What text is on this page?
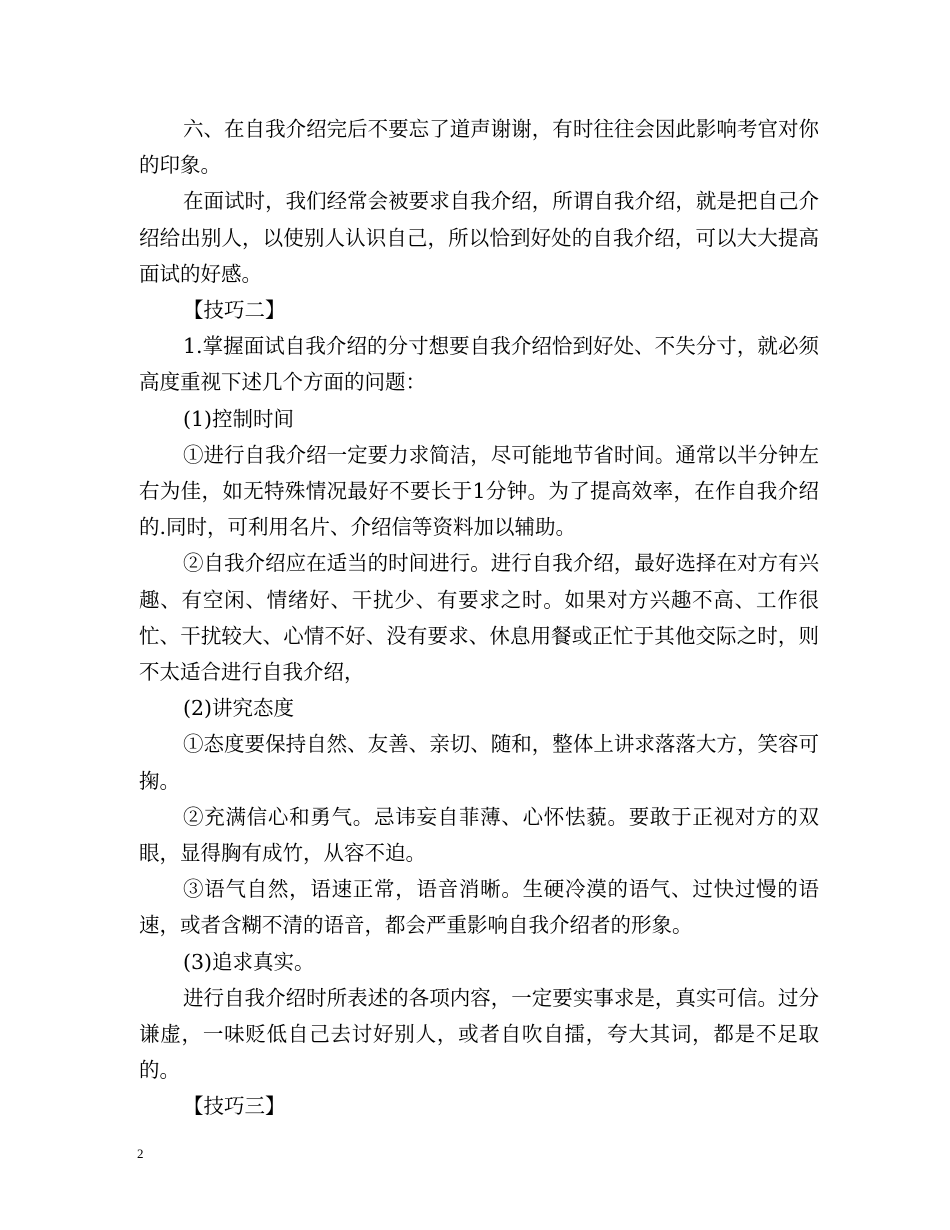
六、在自我介绍完后不要忘了道声谢谢，有时往往会因此影响考官对你的印象。

在面试时，我们经常会被要求自我介绍，所谓自我介绍，就是把自己介绍给出别人，以使别人认识自己，所以恰到好处的自我介绍，可以大大提高面试的好感。

【技巧二】

1.掌握面试自我介绍的分寸想要自我介绍恰到好处、不失分寸，就必须高度重视下述几个方面的问题：

(1)控制时间

①进行自我介绍一定要力求简洁，尽可能地节省时间。通常以半分钟左右为佳，如无特殊情况最好不要长于1分钟。为了提高效率，在作自我介绍的.同时，可利用名片、介绍信等资料加以辅助。

②自我介绍应在适当的时间进行。进行自我介绍，最好选择在对方有兴趣、有空闲、情绪好、干扰少、有要求之时。如果对方兴趣不高、工作很忙、干扰较大、心情不好、没有要求、休息用餐或正忙于其他交际之时，则不太适合进行自我介绍，

(2)讲究态度

①态度要保持自然、友善、亲切、随和，整体上讲求落落大方，笑容可掬。

②充满信心和勇气。忌讳妄自菲薄、心怀怯藐。要敢于正视对方的双眼，显得胸有成竹，从容不迫。

③语气自然，语速正常，语音消晰。生硬冷漠的语气、过快过慢的语速，或者含糊不清的语音，都会严重影响自我介绍者的形象。

(3)追求真实。

进行自我介绍时所表述的各项内容，一定要实事求是，真实可信。过分谦虚，一味贬低自己去讨好别人，或者自吹自擂，夸大其词，都是不足取的。

【技巧三】

2
